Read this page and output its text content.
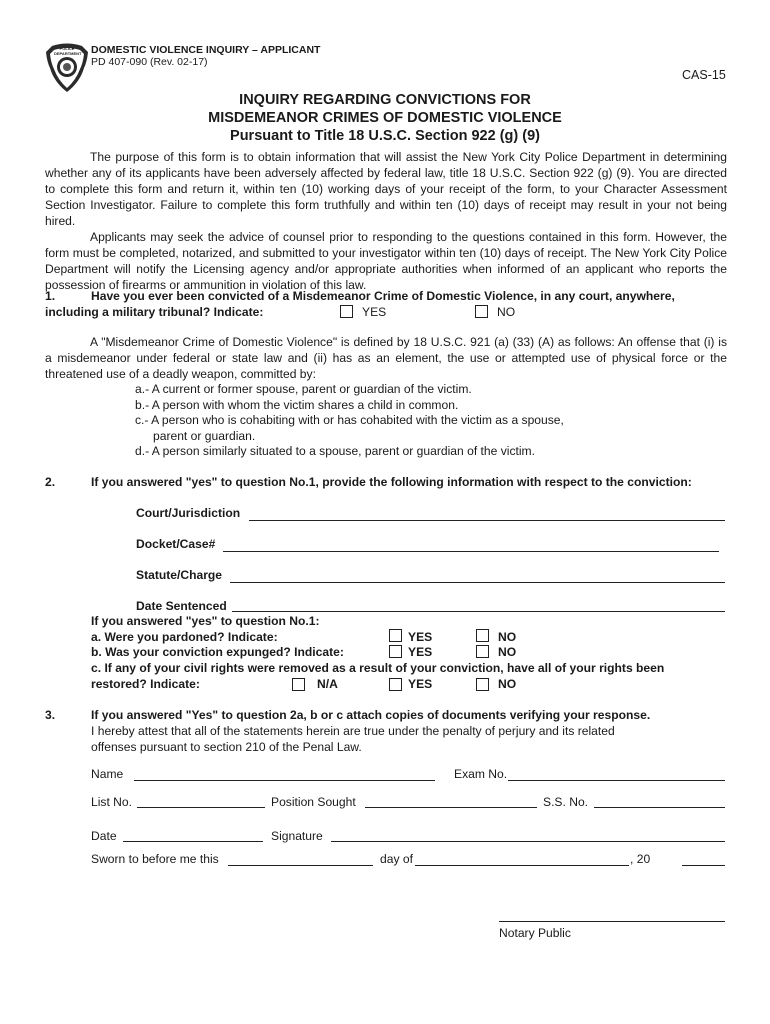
POLICE DEPARTMENT DOMESTIC VIOLENCE INQUIRY – APPLICANT
PD 407-090 (Rev. 02-17)
CAS-15
INQUIRY REGARDING CONVICTIONS FOR
MISDEMEANOR CRIMES OF DOMESTIC VIOLENCE
Pursuant to Title 18 U.S.C. Section 922 (g) (9)

The purpose of this form is to obtain information that will assist the New York City Police Department in determining whether any of its applicants have been adversely affected by federal law, title 18 U.S.C. Section 922 (g) (9). You are directed to complete this form and return it, within ten (10) working days of your receipt of the form, to your Character Assessment Section Investigator. Failure to complete this form truthfully and within ten (10) days of receipt may result in your not being hired.

Applicants may seek the advice of counsel prior to responding to the questions contained in this form. However, the form must be completed, notarized, and submitted to your investigator within ten (10) days of receipt. The New York City Police Department will notify the Licensing agency and/or appropriate authorities when informed of an applicant who reports the possession of firearms or ammunition in violation of this law.

1.	Have you ever been convicted of a Misdemeanor Crime of Domestic Violence, in any court, anywhere,
including a military tribunal? Indicate:	YES	NO

A "Misdemeanor Crime of Domestic Violence" is defined by 18 U.S.C. 921 (a) (33) (A) as follows: An offense that (i) is a misdemeanor under federal or state law and (ii) has as an element, the use or attempted use of physical force or the threatened use of a deadly weapon, committed by:

a.- A current or former spouse, parent or guardian of the victim.
b.- A person with whom the victim shares a child in common.
c.- A person who is cohabiting with or has cohabited with the victim as a spouse,
parent or guardian.
d.- A person similarly situated to a spouse, parent or guardian of the victim.
2.	If you answered "yes" to question No.1, provide the following information with respect to the conviction:
Court/Jurisdiction
Docket/Case#
Statute/Charge
Date Sentenced
If you answered "yes" to question No.1:
a. Were you pardoned? Indicate:	YES	NO
b. Was your conviction expunged? Indicate:	YES	NO
c. If any of your civil rights were removed as a result of your conviction, have all of your rights been
restored? Indicate:	N/A	YES	NO
3.	If you answered "Yes" to question 2a, b or c attach copies of documents verifying your response.
I hereby attest that all of the statements herein are true under the penalty of perjury and its related
offenses pursuant to section 210 of the Penal Law.
Name	Exam No.
List No.	Position Sought	S.S. No.
Date	Signature
Sworn to before me this	day of	, 20
Notary Public
